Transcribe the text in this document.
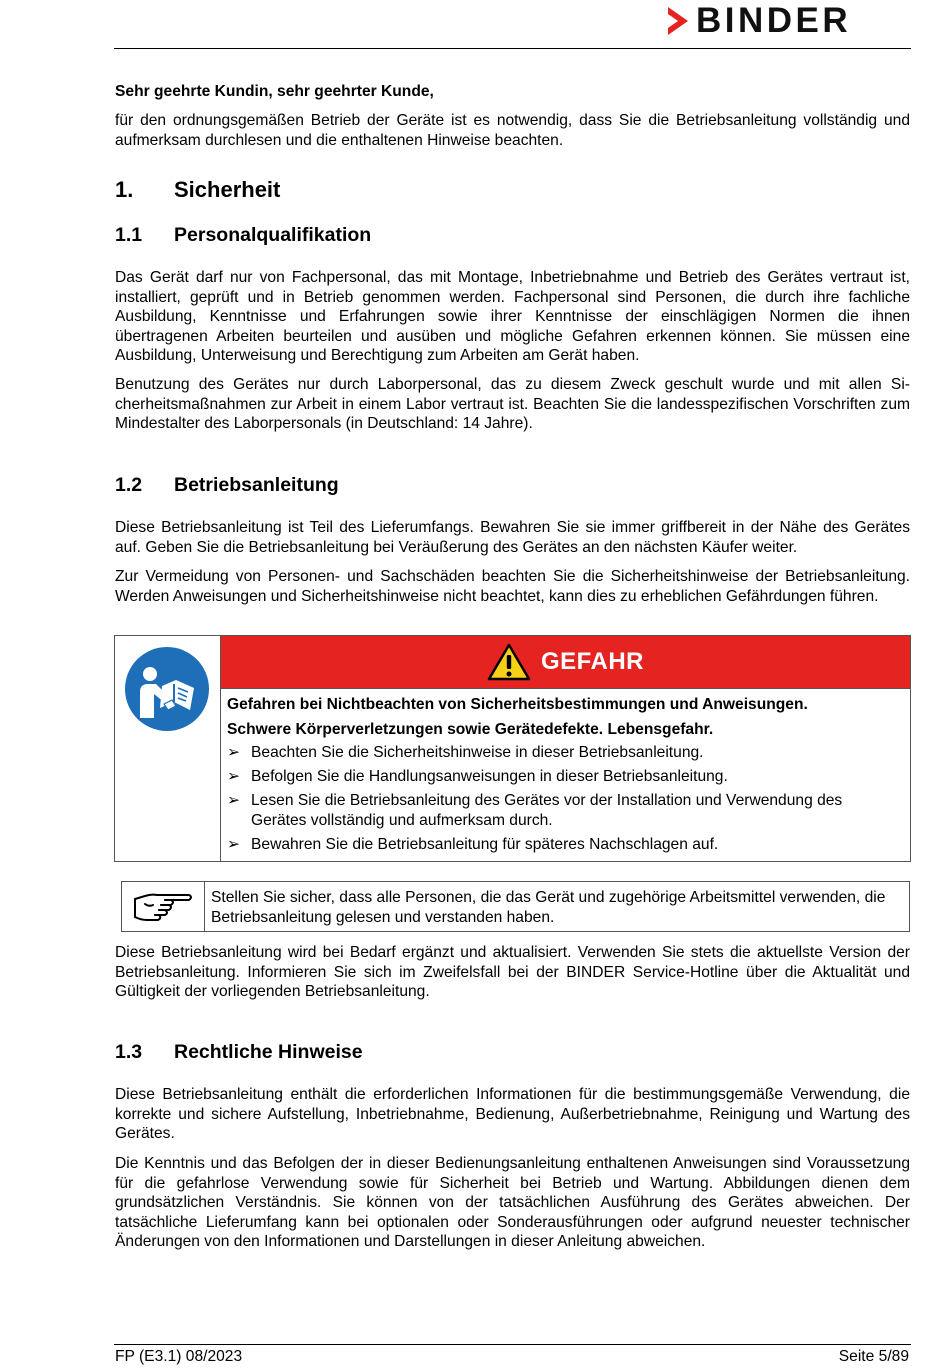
BINDER

Sehr geehrte Kundin, sehr geehrter Kunde,

für den ordnungsgemäßen Betrieb der Geräte ist es notwendig, dass Sie die Betriebsanleitung vollständig und aufmerksam durchlesen und die enthaltenen Hinweise beachten.

1.	Sicherheit
1.1	Personalqualifikation

Das Gerät darf nur von Fachpersonal, das mit Montage, Inbetriebnahme und Betrieb des Gerätes vertraut ist, installiert, geprüft und in Betrieb genommen werden. Fachpersonal sind Personen, die durch ihre fachliche Ausbildung, Kenntnisse und Erfahrungen sowie ihrer Kenntnisse der einschlägigen Normen die ihnen übertragenen Arbeiten beurteilen und ausüben und mögliche Gefahren erkennen können. Sie müssen eine Ausbildung, Unterweisung und Berechtigung zum Arbeiten am Gerät haben.

Benutzung des Gerätes nur durch Laborpersonal, das zu diesem Zweck geschult wurde und mit allen Sicherheitsmaßnahmen zur Arbeit in einem Labor vertraut ist. Beachten Sie die landesspezifischen Vorschriften zum Mindestalter des Laborpersonals (in Deutschland: 14 Jahre).

1.2	Betriebsanleitung

Diese Betriebsanleitung ist Teil des Lieferumfangs. Bewahren Sie sie immer griffbereit in der Nähe des Gerätes auf. Geben Sie die Betriebsanleitung bei Veräußerung des Gerätes an den nächsten Käufer weiter.

Zur Vermeidung von Personen- und Sachschäden beachten Sie die Sicherheitshinweise der Betriebsanleitung. Werden Anweisungen und Sicherheitshinweise nicht beachtet, kann dies zu erheblichen Gefährdungen führen.

GEFAHR
Gefahren bei Nichtbeachten von Sicherheitsbestimmungen und Anweisungen.
Schwere Körperverletzungen sowie Gerätedefekte. Lebensgefahr.
➢ Beachten Sie die Sicherheitshinweise in dieser Betriebsanleitung.
➢ Befolgen Sie die Handlungsanweisungen in dieser Betriebsanleitung.
➢ Lesen Sie die Betriebsanleitung des Gerätes vor der Installation und Verwendung des Gerätes vollständig und aufmerksam durch.
➢ Bewahren Sie die Betriebsanleitung für späteres Nachschlagen auf.
Stellen Sie sicher, dass alle Personen, die das Gerät und zugehörige Arbeitsmittel verwenden, die Betriebsanleitung gelesen und verstanden haben.

Diese Betriebsanleitung wird bei Bedarf ergänzt und aktualisiert. Verwenden Sie stets die aktuellste Version der Betriebsanleitung. Informieren Sie sich im Zweifelsfall bei der BINDER Service-Hotline über die Aktualität und Gültigkeit der vorliegenden Betriebsanleitung.

1.3	Rechtliche Hinweise

Diese Betriebsanleitung enthält die erforderlichen Informationen für die bestimmungsgemäße Verwendung, die korrekte und sichere Aufstellung, Inbetriebnahme, Bedienung, Außerbetriebnahme, Reinigung und Wartung des Gerätes.

Die Kenntnis und das Befolgen der in dieser Bedienungsanleitung enthaltenen Anweisungen sind Voraussetzung für die gefahrlose Verwendung sowie für Sicherheit bei Betrieb und Wartung. Abbildungen dienen dem grundsätzlichen Verständnis. Sie können von der tatsächlichen Ausführung des Gerätes abweichen. Der tatsächliche Lieferumfang kann bei optionalen oder Sonderausführungen oder aufgrund neuester technischer Änderungen von den Informationen und Darstellungen in dieser Anleitung abweichen.

FP (E3.1) 08/2023	Seite 5/89
